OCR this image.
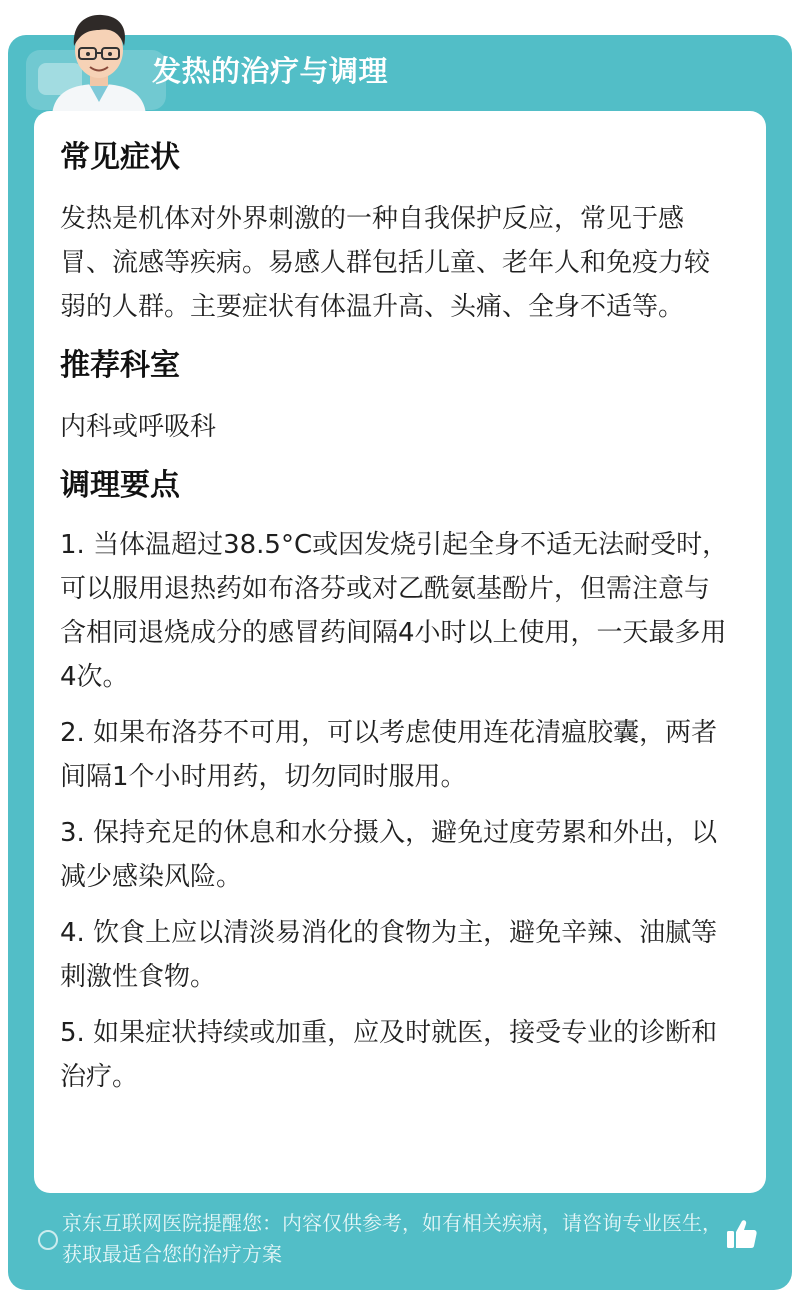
发热的治疗与调理
常见症状

发热是机体对外界刺激的一种自我保护反应，常见于感冒、流感等疾病。易感人群包括儿童、老年人和免疫力较弱的人群。主要症状有体温升高、头痛、全身不适等。

推荐科室

内科或呼吸科

调理要点

1. 当体温超过38.5°C或因发烧引起全身不适无法耐受时，可以服用退热药如布洛芬或对乙酰氨基酚片，但需注意与含相同退烧成分的感冒药间隔4小时以上使用，一天最多用4次。

2. 如果布洛芬不可用，可以考虑使用连花清瘟胶囊，两者间隔1个小时用药，切勿同时服用。

3. 保持充足的休息和水分摄入，避免过度劳累和外出，以减少感染风险。

4. 饮食上应以清淡易消化的食物为主，避免辛辣、油腻等刺激性食物。

5. 如果症状持续或加重，应及时就医，接受专业的诊断和治疗。

京东互联网医院提醒您：内容仅供参考，如有相关疾病，请咨询专业医生，获取最适合您的治疗方案
